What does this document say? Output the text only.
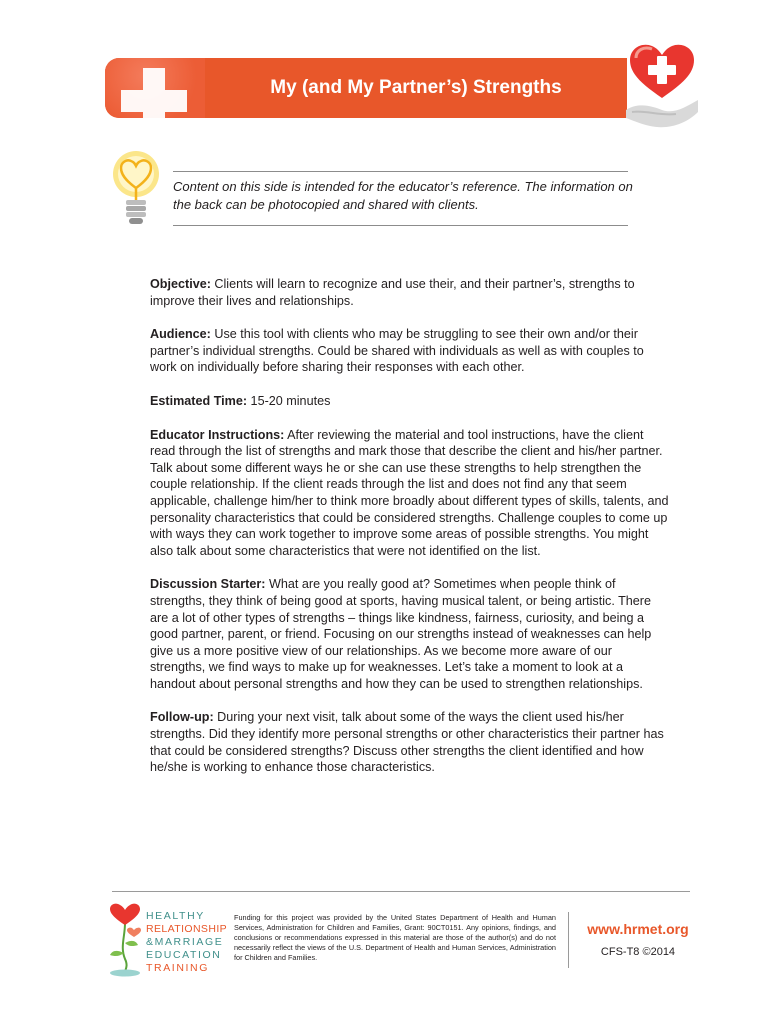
My (and My Partner’s) Strengths
Content on this side is intended for the educator’s reference. The information on the back can be photocopied and shared with clients.

Objective: Clients will learn to recognize and use their, and their partner’s, strengths to improve their lives and relationships.

Audience: Use this tool with clients who may be struggling to see their own and/or their partner’s individual strengths. Could be shared with individuals as well as with couples to work on individually before sharing their responses with each other.

Estimated Time: 15-20 minutes

Educator Instructions: After reviewing the material and tool instructions, have the client read through the list of strengths and mark those that describe the client and his/her partner. Talk about some different ways he or she can use these strengths to help strengthen the couple relationship. If the client reads through the list and does not find any that seem applicable, challenge him/her to think more broadly about different types of skills, talents, and personality characteristics that could be considered strengths. Challenge couples to come up with ways they can work together to improve some areas of possible strengths. You might also talk about some characteristics that were not identified on the list.

Discussion Starter: What are you really good at? Sometimes when people think of strengths, they think of being good at sports, having musical talent, or being artistic. There are a lot of other types of strengths – things like kindness, fairness, curiosity, and being a good partner, parent, or friend. Focusing on our strengths instead of weaknesses can help give us a more positive view of our relationships. As we become more aware of our strengths, we find ways to make up for weaknesses. Let’s take a moment to look at a handout about personal strengths and how they can be used to strengthen relationships.

Follow-up: During your next visit, talk about some of the ways the client used his/her strengths. Did they identify more personal strengths or other characteristics their partner has that could be considered strengths? Discuss other strengths the client identified and how he/she is working to enhance those characteristics.

HEALTHY
RELATIONSHIP
&MARRIAGE
EDUCATION
TRAINING
Funding for this project was provided by the United States Department of Health and Human Services, Administration for Children and Families, Grant: 90CT0151. Any opinions, findings, and conclusions or recommendations expressed in this material are those of the author(s) and do not necessarily reflect the views of the U.S. Department of Health and Human Services, Administration for Children and Families.
www.hrmet.org
CFS-T8 ©2014
